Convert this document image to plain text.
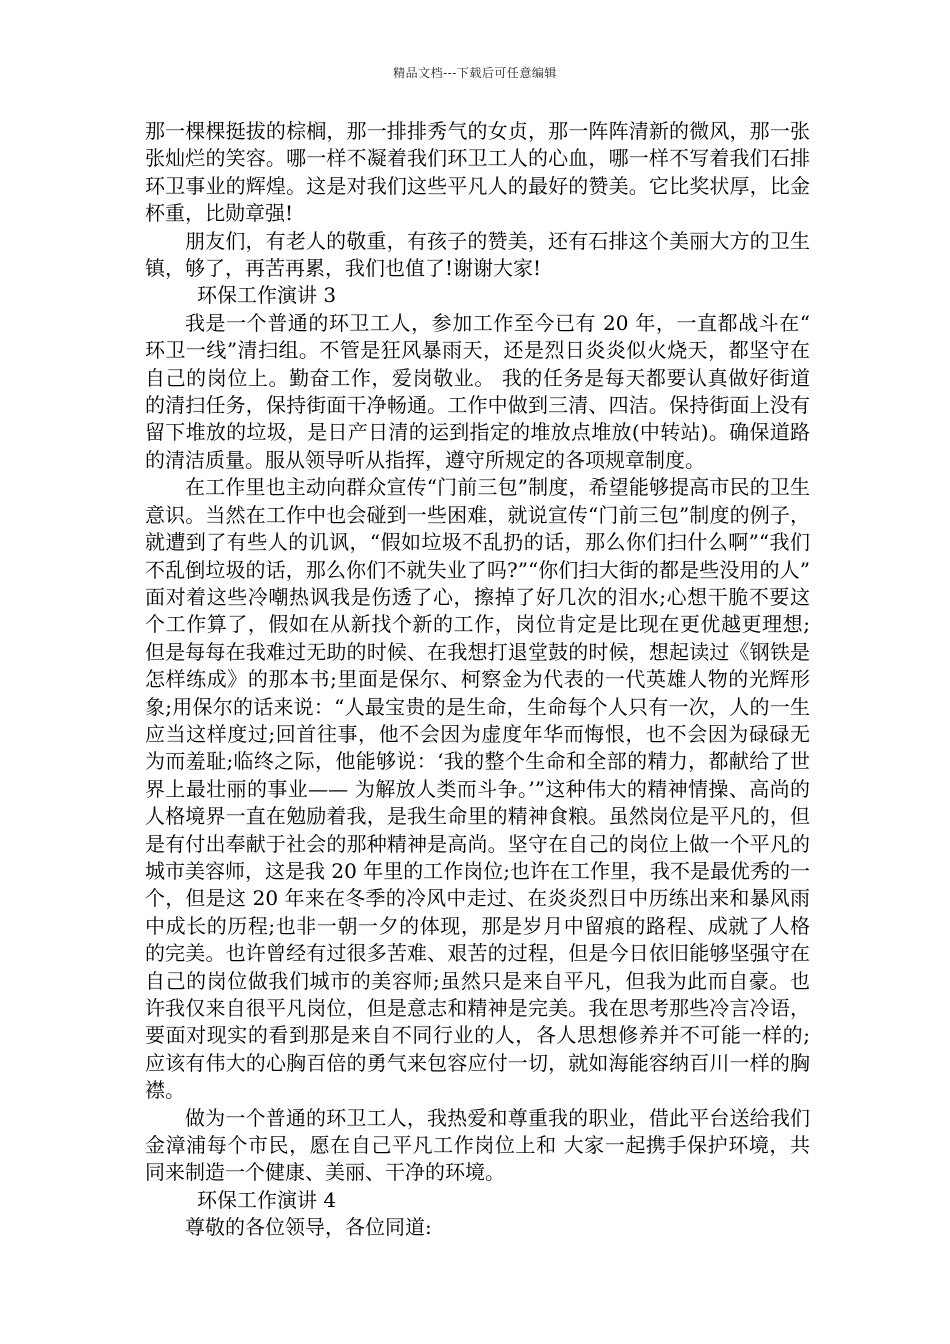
精品文档---下载后可任意编辑

那一棵棵挺拔的棕榈，那一排排秀气的女贞，那一阵阵清新的微风，那一张张灿烂的笑容。哪一样不凝着我们环卫工人的心血，哪一样不写着我们石排环卫事业的辉煌。这是对我们这些平凡人的最好的赞美。它比奖状厚，比金杯重，比勋章强!

朋友们，有老人的敬重，有孩子的赞美，还有石排这个美丽大方的卫生镇，够了，再苦再累，我们也值了!谢谢大家!

环保工作演讲 3

我是一个普通的环卫工人，参加工作至今已有 20 年，一直都战斗在“环卫一线”清扫组。不管是狂风暴雨天，还是烈日炎炎似火烧天，都坚守在自己的岗位上。勤奋工作，爱岗敬业。 我的任务是每天都要认真做好街道的清扫任务，保持街面干净畅通。工作中做到三清、四洁。保持街面上没有留下堆放的垃圾，是日产日清的运到指定的堆放点堆放(中转站)。确保道路的清洁质量。服从领导听从指挥，遵守所规定的各项规章制度。

在工作里也主动向群众宣传“门前三包”制度，希望能够提高市民的卫生意识。当然在工作中也会碰到一些困难，就说宣传“门前三包”制度的例子，就遭到了有些人的讥讽，“假如垃圾不乱扔的话，那么你们扫什么啊”“我们不乱倒垃圾的话，那么你们不就失业了吗?”“你们扫大街的都是些没用的人”面对着这些冷嘲热讽我是伤透了心，擦掉了好几次的泪水;心想干脆不要这个工作算了，假如在从新找个新的工作，岗位肯定是比现在更优越更理想;但是每每在我难过无助的时候、在我想打退堂鼓的时候，想起读过《钢铁是怎样练成》的那本书;里面是保尔、柯察金为代表的一代英雄人物的光辉形象;用保尔的话来说：“人最宝贵的是生命，生命每个人只有一次，人的一生应当这样度过;回首往事，他不会因为虚度年华而悔恨，也不会因为碌碌无为而羞耻;临终之际，他能够说：‘我的整个生命和全部的精力，都献给了世界上最壮丽的事业—— 为解放人类而斗争。’”这种伟大的精神情操、高尚的人格境界一直在勉励着我，是我生命里的精神食粮。虽然岗位是平凡的，但是有付出奉献于社会的那种精神是高尚。坚守在自己的岗位上做一个平凡的城市美容师，这是我 20 年里的工作岗位;也许在工作里，我不是最优秀的一个，但是这 20 年来在冬季的冷风中走过、在炎炎烈日中历练出来和暴风雨中成长的历程;也非一朝一夕的体现，那是岁月中留痕的路程、成就了人格的完美。也许曾经有过很多苦难、艰苦的过程，但是今日依旧能够坚强守在自己的岗位做我们城市的美容师;虽然只是来自平凡，但我为此而自豪。也许我仅来自很平凡岗位，但是意志和精神是完美。我在思考那些冷言冷语，要面对现实的看到那是来自不同行业的人，各人思想修养并不可能一样的;应该有伟大的心胸百倍的勇气来包容应付一切，就如海能容纳百川一样的胸襟。

做为一个普通的环卫工人，我热爱和尊重我的职业，借此平台送给我们金漳浦每个市民，愿在自己平凡工作岗位上和 大家一起携手保护环境，共同来制造一个健康、美丽、干净的环境。

环保工作演讲 4

尊敬的各位领导，各位同道:
